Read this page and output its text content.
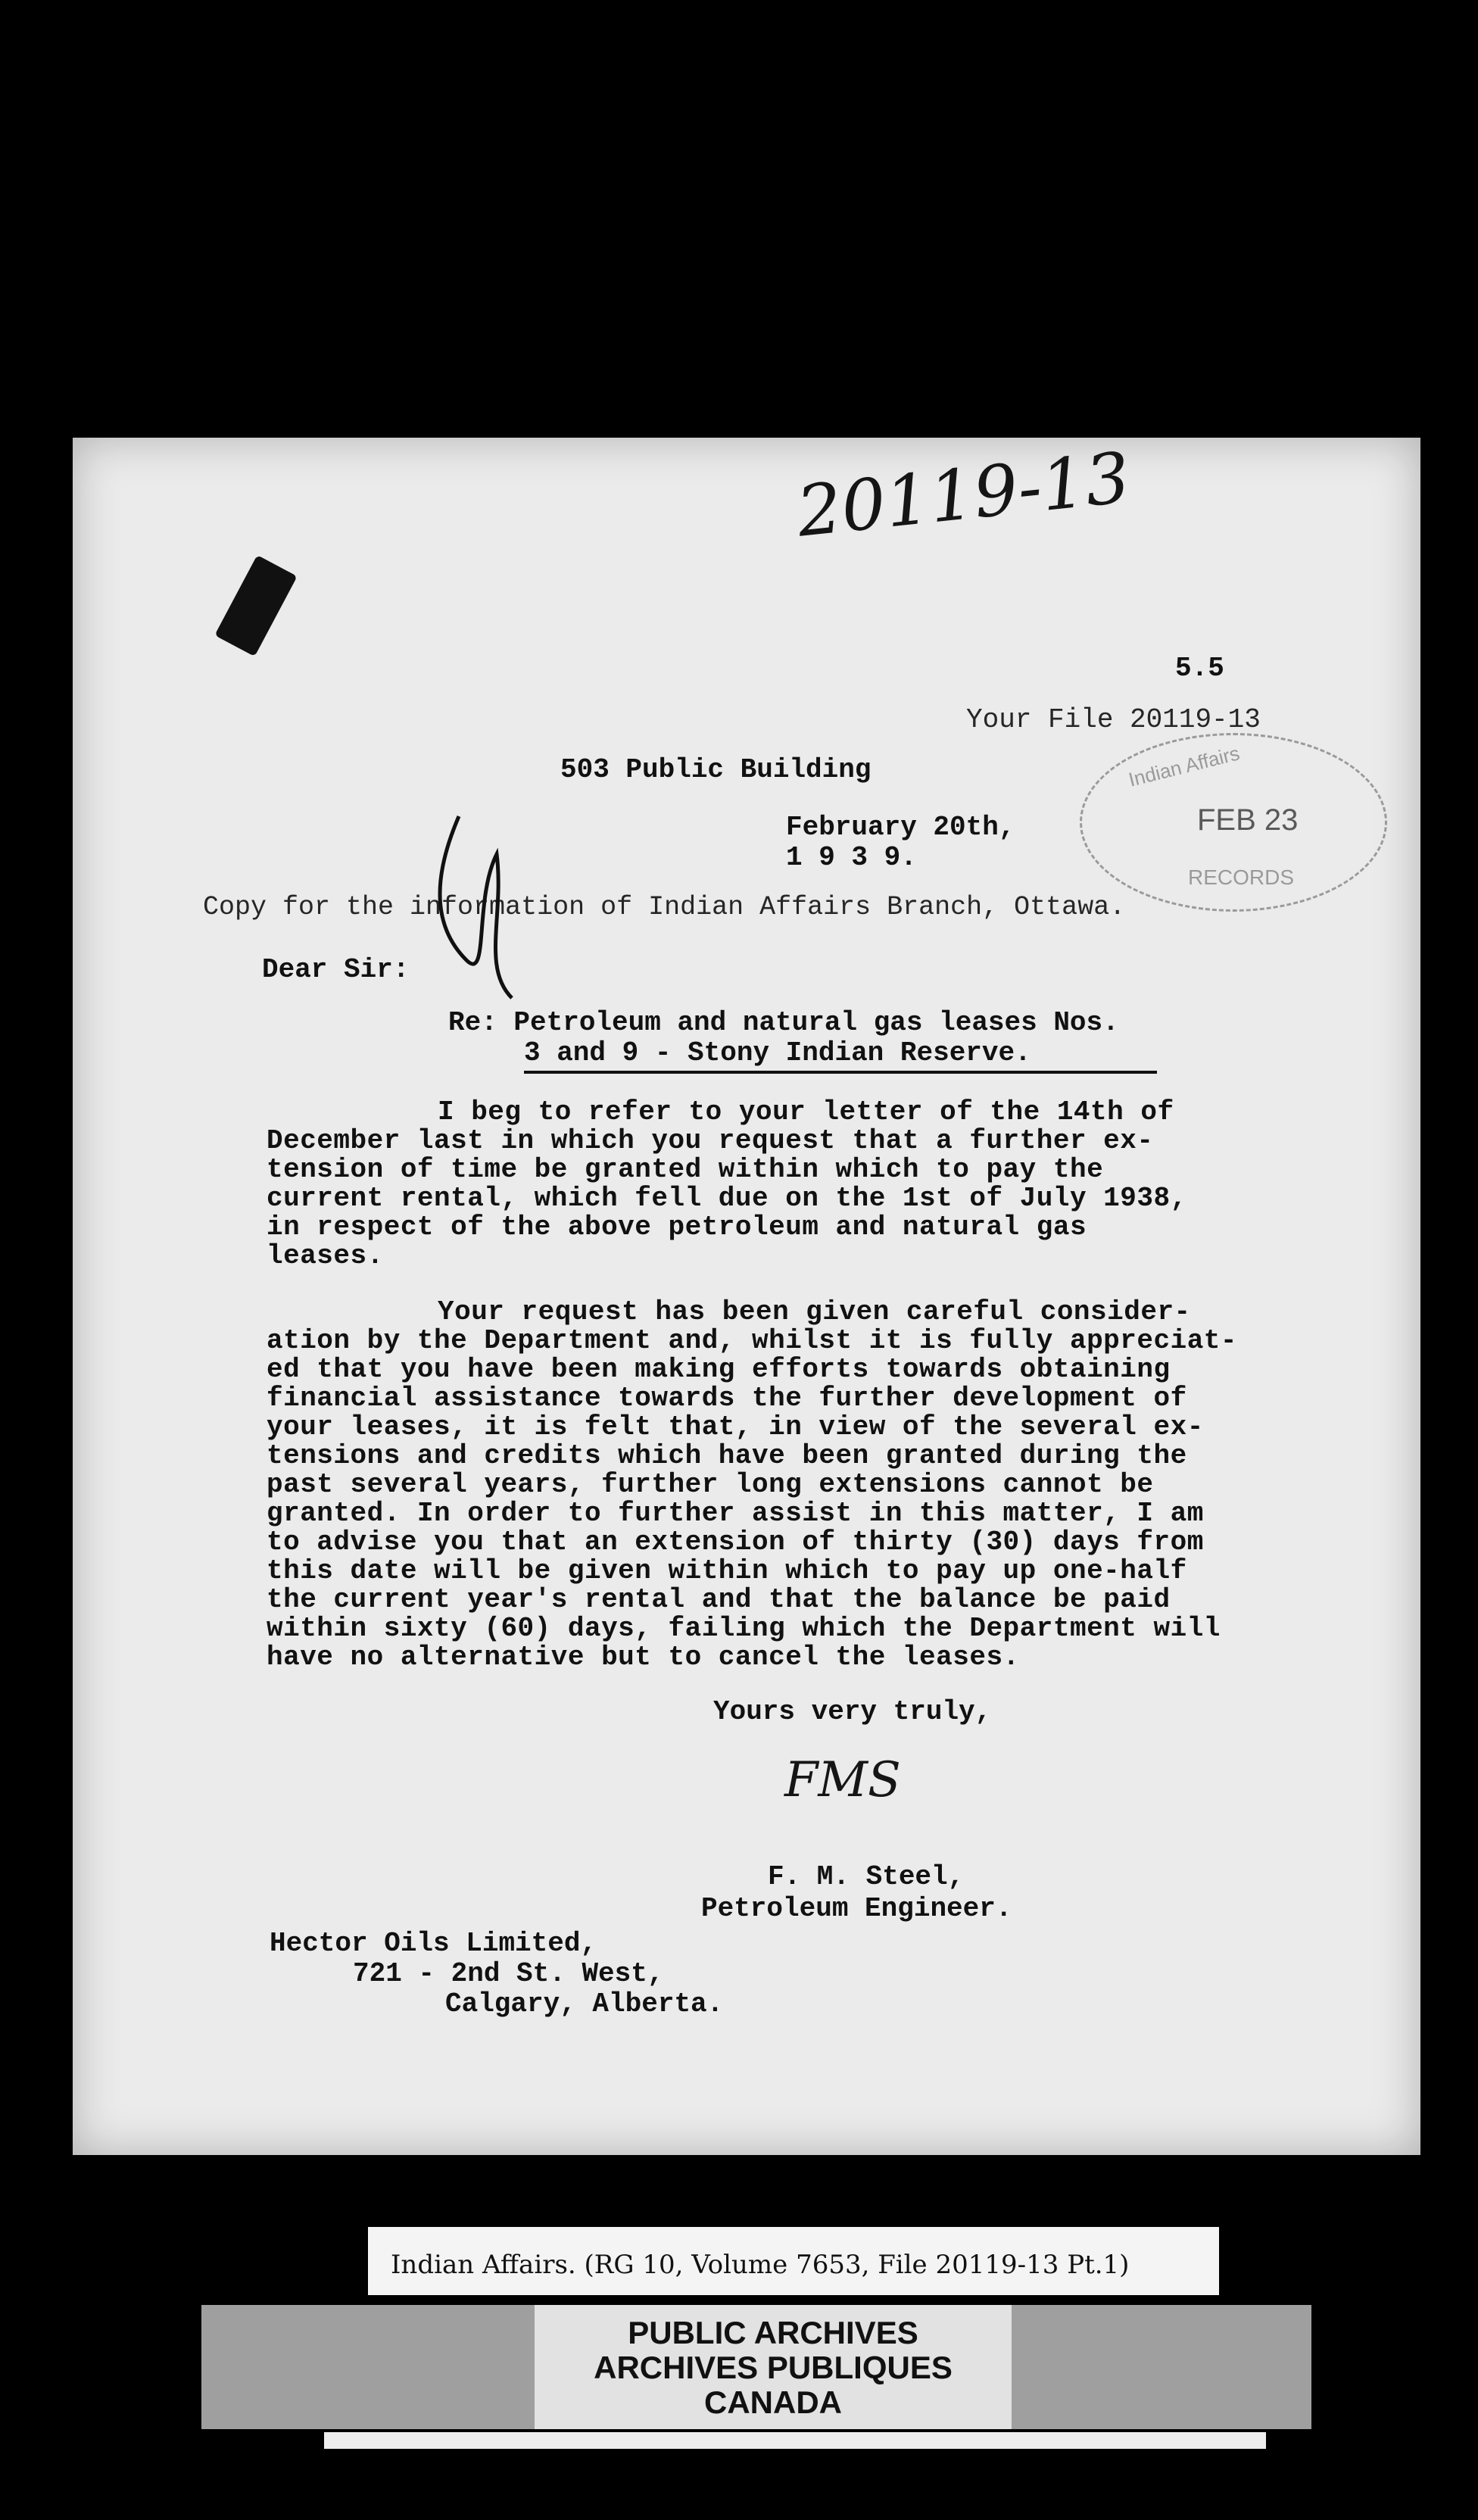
20119-13
5.5
Your File 20119-13
503 Public Building
February 20th,
1 9 3 9.
Indian Affairs
FEB 23
RECORDS
Copy for the information of Indian Affairs Branch, Ottawa.
Dear Sir:
Re: Petroleum and natural gas leases Nos.
3 and 9 - Stony Indian Reserve.
I beg to refer to your letter of the 14th of
December last in which you request that a further ex-
tension of time be granted within which to pay the
current rental, which fell due on the 1st of July 1938,
in respect of the above petroleum and natural gas
leases.
Your request has been given careful consider-
ation by the Department and, whilst it is fully appreciat-
ed that you have been making efforts towards obtaining
financial assistance towards the further development of
your leases, it is felt that, in view of the several ex-
tensions and credits which have been granted during the
past several years, further long extensions cannot be
granted. In order to further assist in this matter, I am
to advise you that an extension of thirty (30) days from
this date will be given within which to pay up one-half
the current year's rental and that the balance be paid
within sixty (60) days, failing which the Department will
have no alternative but to cancel the leases.
Yours very truly,
FMS
F. M. Steel,
Petroleum Engineer.
Hector Oils Limited,
721 - 2nd St. West,
Calgary, Alberta.
Indian Affairs. (RG 10, Volume 7653, File 20119-13 Pt.1)
PUBLIC ARCHIVES
ARCHIVES PUBLIQUES
CANADA
